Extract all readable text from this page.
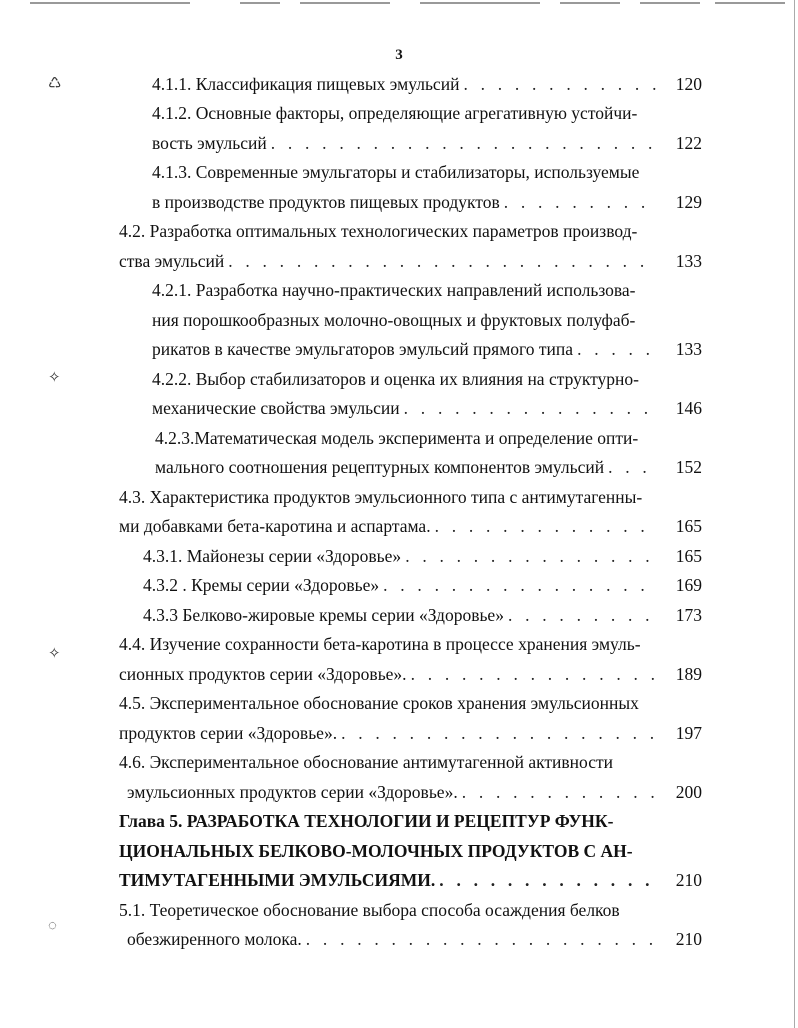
3
♺
✧
✧
◌
4.1.1. Классификация пищевых эмульсий . . .	120
4.1.2. Основные факторы, определяющие агрегативную устойчи-
вость эмульсий . . .	122
4.1.3. Современные эмульгаторы и стабилизаторы, используемые
в производстве продуктов пищевых продуктов . . .	129
4.2. Разработка оптимальных технологических параметров производ-
ства эмульсий . . .	133
4.2.1. Разработка научно-практических направлений использова-
ния порошкообразных молочно-овощных и фруктовых полуфаб-
рикатов в качестве эмульгаторов эмульсий прямого типа . . .	133
4.2.2. Выбор стабилизаторов и оценка их влияния на структурно-
механические свойства эмульсии . . .	146
4.2.3.Математическая модель эксперимента и определение опти-
мального соотношения рецептурных компонентов эмульсий . . .	152
4.3. Характеристика продуктов эмульсионного типа с антимутагенны-
ми добавками бета-каротина и аспартама. . . .	165
4.3.1. Майонезы серии «Здоровье» . . .	165
4.3.2 . Кремы серии «Здоровье» . . .	169
4.3.3 Белково-жировые кремы серии «Здоровье» . . .	173
4.4. Изучение сохранности бета-каротина в процессе хранения эмуль-
сионных продуктов серии «Здоровье». . . .	189
4.5. Экспериментальное обоснование сроков хранения эмульсионных
продуктов серии «Здоровье». . . .	197
4.6. Экспериментальное обоснование антимутагенной активности
эмульсионных продуктов серии «Здоровье». . . .	200
Глава 5. РАЗРАБОТКА ТЕХНОЛОГИИ И РЕЦЕПТУР ФУНК-
ЦИОНАЛЬНЫХ БЕЛКОВО-МОЛОЧНЫХ ПРОДУКТОВ С АН-
ТИМУТАГЕННЫМИ ЭМУЛЬСИЯМИ. . . .	210
5.1. Теоретическое обоснование выбора способа осаждения белков
обезжиренного молока. . . .	210
